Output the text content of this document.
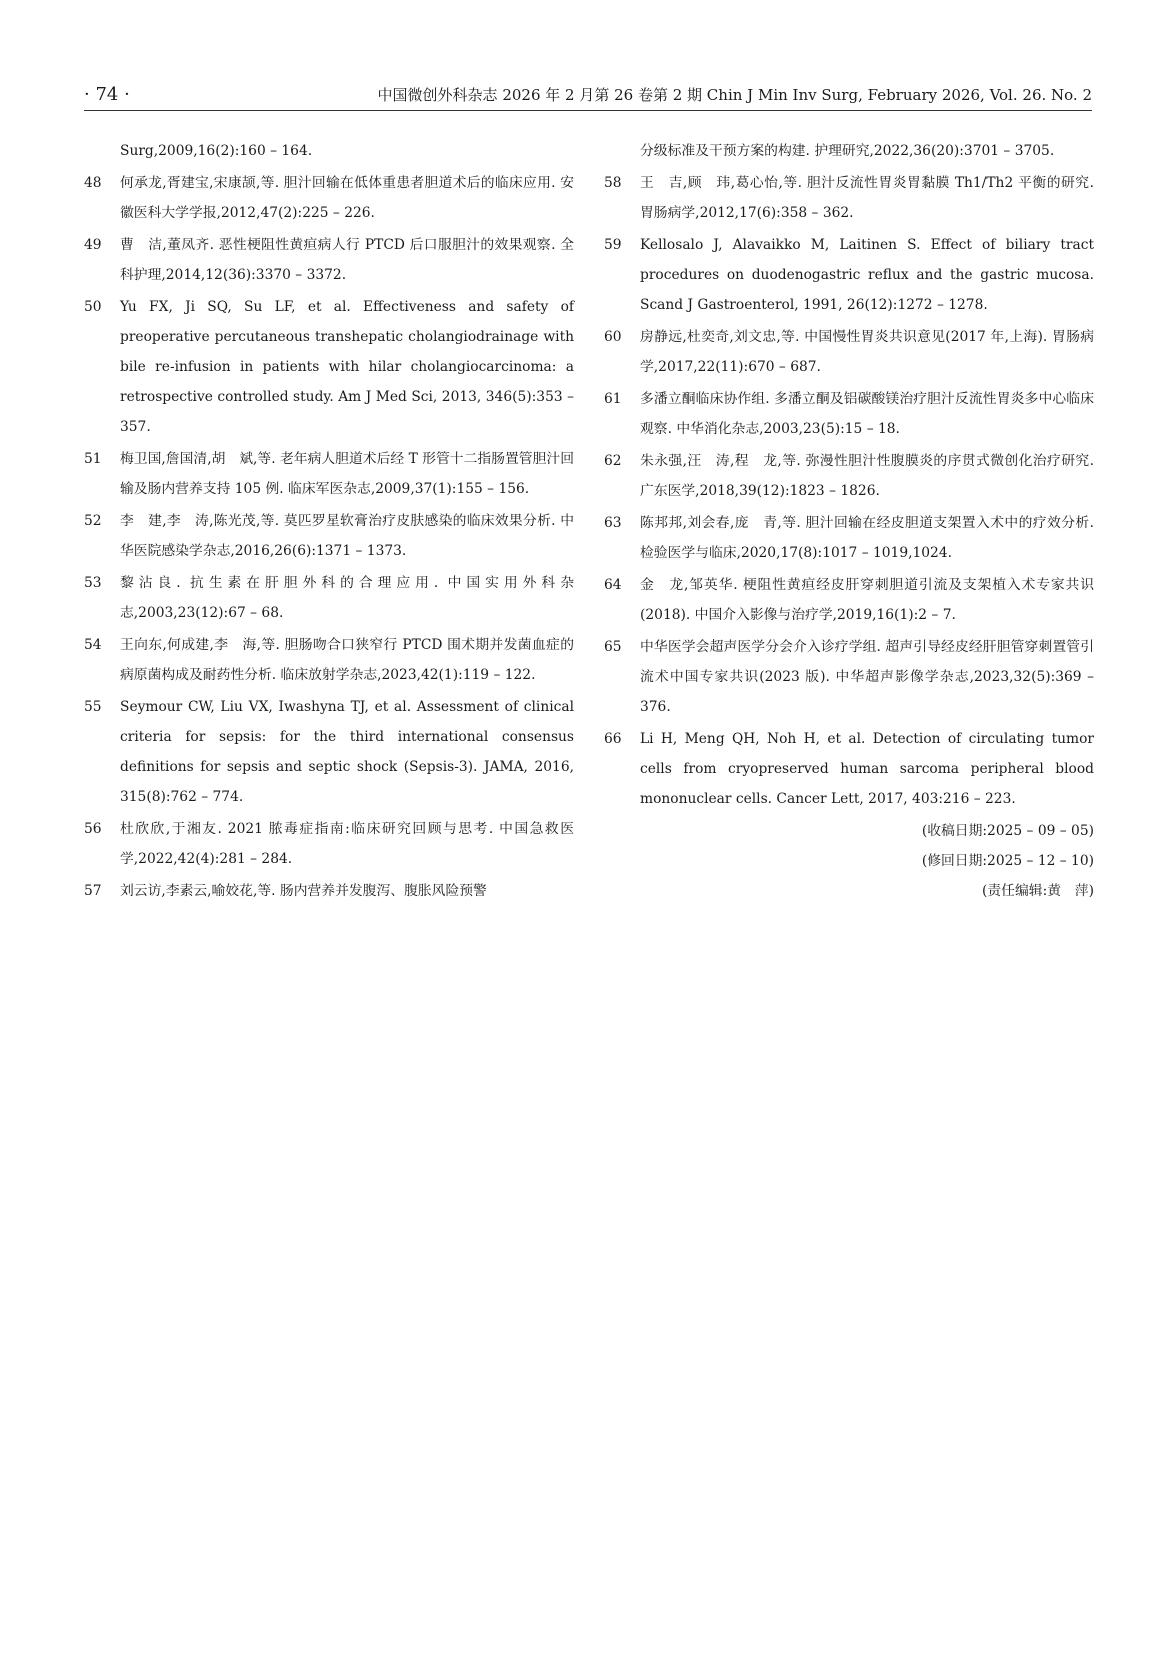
· 74 ·	中国微创外科杂志 2026 年 2 月第 26 卷第 2 期 Chin J Min Inv Surg, February 2026, Vol. 26. No. 2
Surg,2009,16(2):160 – 164.
48	何承龙,胥建宝,宋康颉,等. 胆汁回输在低体重患者胆道术后的临床应用. 安徽医科大学学报,2012,47(2):225 – 226.
49	曹　洁,董凤齐. 恶性梗阻性黄疸病人行 PTCD 后口服胆汁的效果观察. 全科护理,2014,12(36):3370 – 3372.
50	Yu FX, Ji SQ, Su LF, et al. Effectiveness and safety of preoperative percutaneous transhepatic cholangiodrainage with bile re-infusion in patients with hilar cholangiocarcinoma: a retrospective controlled study. Am J Med Sci, 2013, 346(5):353 – 357.
51	梅卫国,詹国清,胡　斌,等. 老年病人胆道术后经 T 形管十二指肠置管胆汁回输及肠内营养支持 105 例. 临床军医杂志,2009,37(1):155 – 156.
52	李　建,李　涛,陈光茂,等. 莫匹罗星软膏治疗皮肤感染的临床效果分析. 中华医院感染学杂志,2016,26(6):1371 – 1373.
53	黎沾良. 抗生素在肝胆外科的合理应用. 中国实用外科杂志,2003,23(12):67 – 68.
54	王向东,何成建,李　海,等. 胆肠吻合口狭窄行 PTCD 围术期并发菌血症的病原菌构成及耐药性分析. 临床放射学杂志,2023,42(1):119 – 122.
55	Seymour CW, Liu VX, Iwashyna TJ, et al. Assessment of clinical criteria for sepsis: for the third international consensus definitions for sepsis and septic shock (Sepsis-3). JAMA, 2016, 315(8):762 – 774.
56	杜欣欣,于湘友. 2021 脓毒症指南:临床研究回顾与思考. 中国急救医学,2022,42(4):281 – 284.
57	刘云访,李素云,喻姣花,等. 肠内营养并发腹泻、腹胀风险预警
分级标准及干预方案的构建. 护理研究,2022,36(20):3701 – 3705.
58	王　吉,顾　玮,葛心怡,等. 胆汁反流性胃炎胃黏膜 Th1/Th2 平衡的研究. 胃肠病学,2012,17(6):358 – 362.
59	Kellosalo J, Alavaikko M, Laitinen S. Effect of biliary tract procedures on duodenogastric reflux and the gastric mucosa. Scand J Gastroenterol, 1991, 26(12):1272 – 1278.
60	房静远,杜奕奇,刘文忠,等. 中国慢性胃炎共识意见(2017 年,上海). 胃肠病学,2017,22(11):670 – 687.
61	多潘立酮临床协作组. 多潘立酮及铝碳酸镁治疗胆汁反流性胃炎多中心临床观察. 中华消化杂志,2003,23(5):15 – 18.
62	朱永强,汪　涛,程　龙,等. 弥漫性胆汁性腹膜炎的序贯式微创化治疗研究. 广东医学,2018,39(12):1823 – 1826.
63	陈邦邦,刘会春,庞　青,等. 胆汁回输在经皮胆道支架置入术中的疗效分析. 检验医学与临床,2020,17(8):1017 – 1019,1024.
64	金　龙,邹英华. 梗阻性黄疸经皮肝穿刺胆道引流及支架植入术专家共识(2018). 中国介入影像与治疗学,2019,16(1):2 – 7.
65	中华医学会超声医学分会介入诊疗学组. 超声引导经皮经肝胆管穿刺置管引流术中国专家共识(2023 版). 中华超声影像学杂志,2023,32(5):369 – 376.
66	Li H, Meng QH, Noh H, et al. Detection of circulating tumor cells from cryopreserved human sarcoma peripheral blood mononuclear cells. Cancer Lett, 2017, 403:216 – 223.
(收稿日期:2025 – 09 – 05)
(修回日期:2025 – 12 – 10)
(责任编辑:黄　萍)
